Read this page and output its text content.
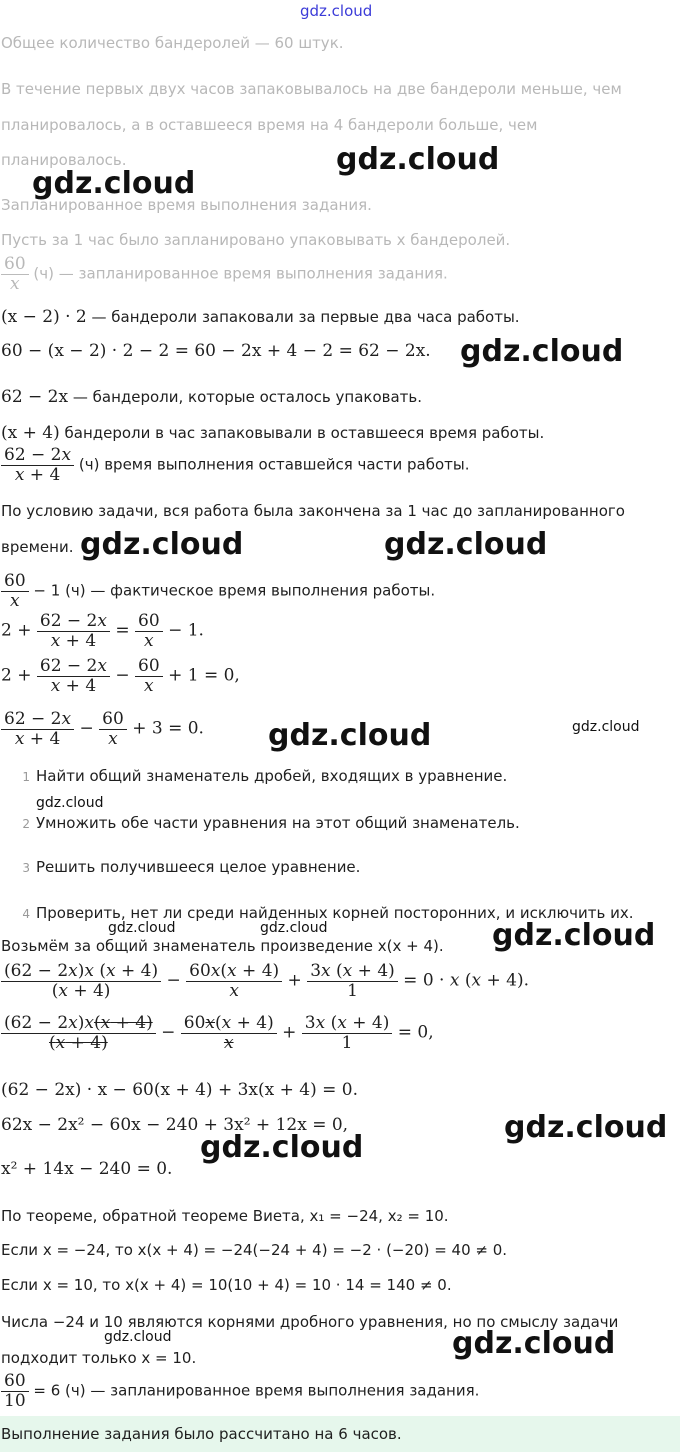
gdz.cloud
Общее количество бандеролей — 60 штук.
В течение первых двух часов запаковывалось на две бандероли меньше, чем
планировалось, а в оставшееся время на 4 бандероли больше, чем
планировалось.
Запланированное время выполнения задания.
Пусть за 1 час было запланировано упаковывать x бандеролей.
$\frac{60}{x} (ч)$ — запланированное время выполнения задания.
(x − 2) · 2 — бандероли запаковали за первые два часа работы.
60 − (x − 2) · 2 − 2 = 60 − 2x + 4 − 2 = 62 − 2x.
62 − 2x — бандероли, которые осталось упаковать.
(x + 4) бандероли в час запаковывали в оставшееся время работы.
$\frac{62 - 2x}{x + 4} (ч)$ время выполнения оставшейся части работы.
По условию задачи, вся работа была закончена за 1 час до запланированного
времени.
$\frac{60}{x} - 1$ (ч) — фактическое время выполнения работы.
$2 + \frac{62 - 2x}{x + 4} = \frac{60}{x} - 1$.
$2 + \frac{62 - 2x}{x + 4} - \frac{60}{x} + 1 = 0$,
$\frac{62 - 2x}{x + 4} - \frac{60}{x} + 3 = 0$.
1 Найти общий знаменатель дробей, входящих в уравнение.
2 Умножить обе части уравнения на этот общий знаменатель.
3 Решить получившееся целое уравнение.
4 Проверить, нет ли среди найденных корней посторонних, и исключить их.
Возьмём за общий знаменатель произведение x(x + 4).
$\frac{(62 - 2x)x (x + 4)}{(x + 4)} - \frac{60x(x + 4)}{x} + \frac{3x (x + 4)}{1} = 0 \cdot x$ (x + 4).
$\frac{(62 - 2x)x(x + 4)}{(x + 4)} - \frac{60x(x + 4)}{x} + \frac{3x (x + 4)}{1} = 0$,
(62 − 2x) · x − 60(x + 4) + 3x(x + 4) = 0.
62x − 2x² − 60x − 240 + 3x² + 12x = 0,
x² + 14x − 240 = 0.
По теореме, обратной теореме Виета, x₁ = −24, x₂ = 10.
Если x = −24, то x(x + 4) = −24(−24 + 4) = −2 · (−20) = 40 ≠ 0.
Если x = 10, то x(x + 4) = 10(10 + 4) = 10 · 14 = 140 ≠ 0.
Числа −24 и 10 являются корнями дробного уравнения, но по смыслу задачи
подходит только x = 10.
$\frac{60}{10} = 6$ (ч) — запланированное время выполнения задания.
Выполнение задания было рассчитано на 6 часов.
gdz.cloud
gdz.cloud
gdz.cloud
gdz.cloud	gdz.cloud
gdz.cloud	gdz.cloud
gdz.cloud
gdz.cloud	gdz.cloud	gdz.cloud
gdz.cloud
gdz.cloud
gdz.cloud	gdz.cloud
